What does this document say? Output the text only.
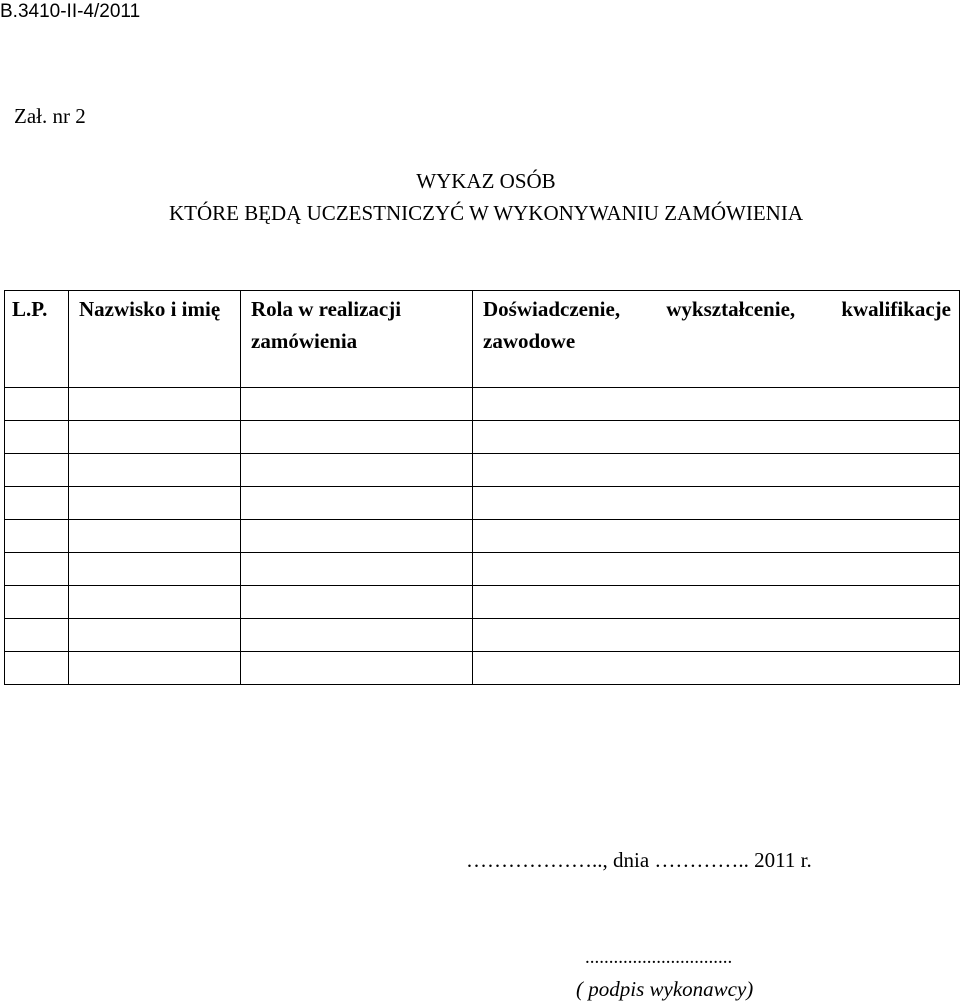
B.3410-II-4/2011
Zał. nr 2
WYKAZ OSÓB
KTÓRE BĘDĄ UCZESTNICZYĆ W WYKONYWANIU ZAMÓWIENIA
L.P.	Nazwisko i imię	Rola w realizacji zamówienia	Doświadczenie, wykształcenie, kwalifikacje zawodowe

……………….., dnia ………….. 2011 r.
...............................
( podpis wykonawcy)
